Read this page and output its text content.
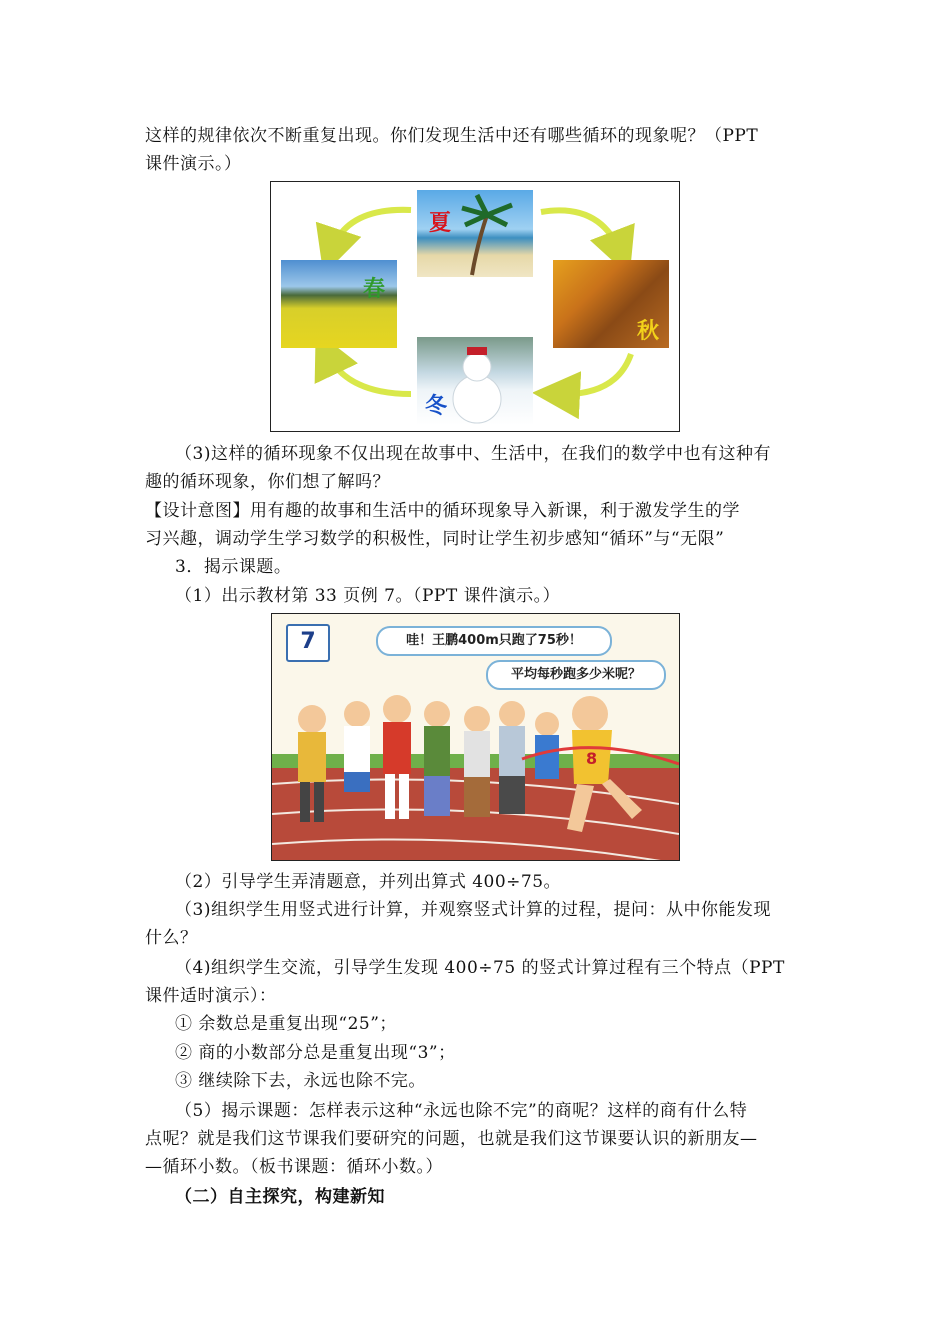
这样的规律依次不断重复出现。你们发现生活中还有哪些循环的现象呢？（PPT
课件演示。）
夏
春
秋
冬
（3)这样的循环现象不仅出现在故事中、生活中，在我们的数学中也有这种有
趣的循环现象，你们想了解吗？
【设计意图】用有趣的故事和生活中的循环现象导入新课，利于激发学生的学
习兴趣，调动学生学习数学的积极性，同时让学生初步感知“循环”与“无限”
3．揭示课题。
（1）出示教材第 33 页例 7。（PPT 课件演示。）
7	哇！王鹏400m只跑了75秒！
平均每秒跑多少米呢？
8
（2）引导学生弄清题意，并列出算式 400÷75。
（3)组织学生用竖式进行计算，并观察竖式计算的过程，提问：从中你能发现
什么？
（4)组织学生交流，引导学生发现 400÷75 的竖式计算过程有三个特点（PPT
课件适时演示）：
① 余数总是重复出现“25”；
② 商的小数部分总是重复出现“3”；
③ 继续除下去，永远也除不完。
（5）揭示课题：怎样表示这种“永远也除不完”的商呢？这样的商有什么特
点呢？就是我们这节课我们要研究的问题，也就是我们这节课要认识的新朋友—
—循环小数。（板书课题：循环小数。）
（二）自主探究，构建新知
